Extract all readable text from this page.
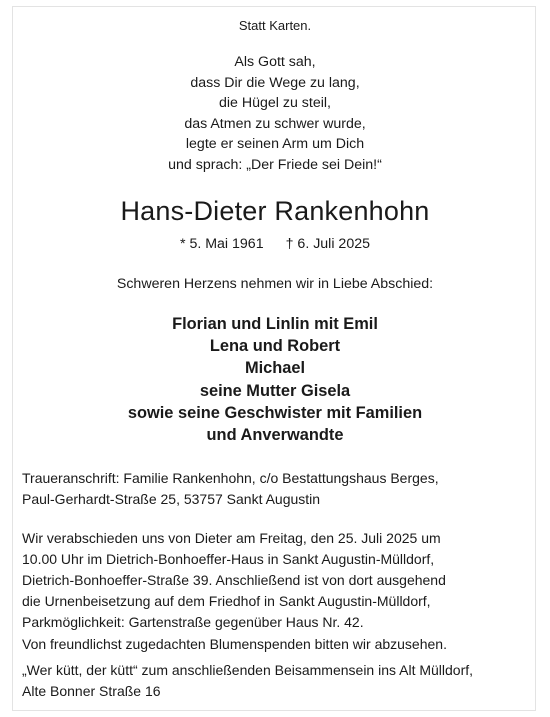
Statt Karten.
Als Gott sah,
dass Dir die Wege zu lang,
die Hügel zu steil,
das Atmen zu schwer wurde,
legte er seinen Arm um Dich
und sprach: „Der Friede sei Dein!“
Hans-Dieter Rankenhohn
* 5. Mai 1961 † 6. Juli 2025
Schweren Herzens nehmen wir in Liebe Abschied:
Florian und Linlin mit Emil
Lena und Robert
Michael
seine Mutter Gisela
sowie seine Geschwister mit Familien
und Anverwandte
Traueranschrift: Familie Rankenhohn, c/o Bestattungshaus Berges,
Paul-Gerhardt-Straße 25, 53757 Sankt Augustin
Wir verabschieden uns von Dieter am Freitag, den 25. Juli 2025 um
10.00 Uhr im Dietrich-Bonhoeffer-Haus in Sankt Augustin-Mülldorf,
Dietrich-Bonhoeffer-Straße 39. Anschließend ist von dort ausgehend
die Urnenbeisetzung auf dem Friedhof in Sankt Augustin-Mülldorf,
Parkmöglichkeit: Gartenstraße gegenüber Haus Nr. 42.
Von freundlichst zugedachten Blumenspenden bitten wir abzusehen.
„Wer kütt, der kütt“ zum anschließenden Beisammensein ins Alt Mülldorf,
Alte Bonner Straße 16
